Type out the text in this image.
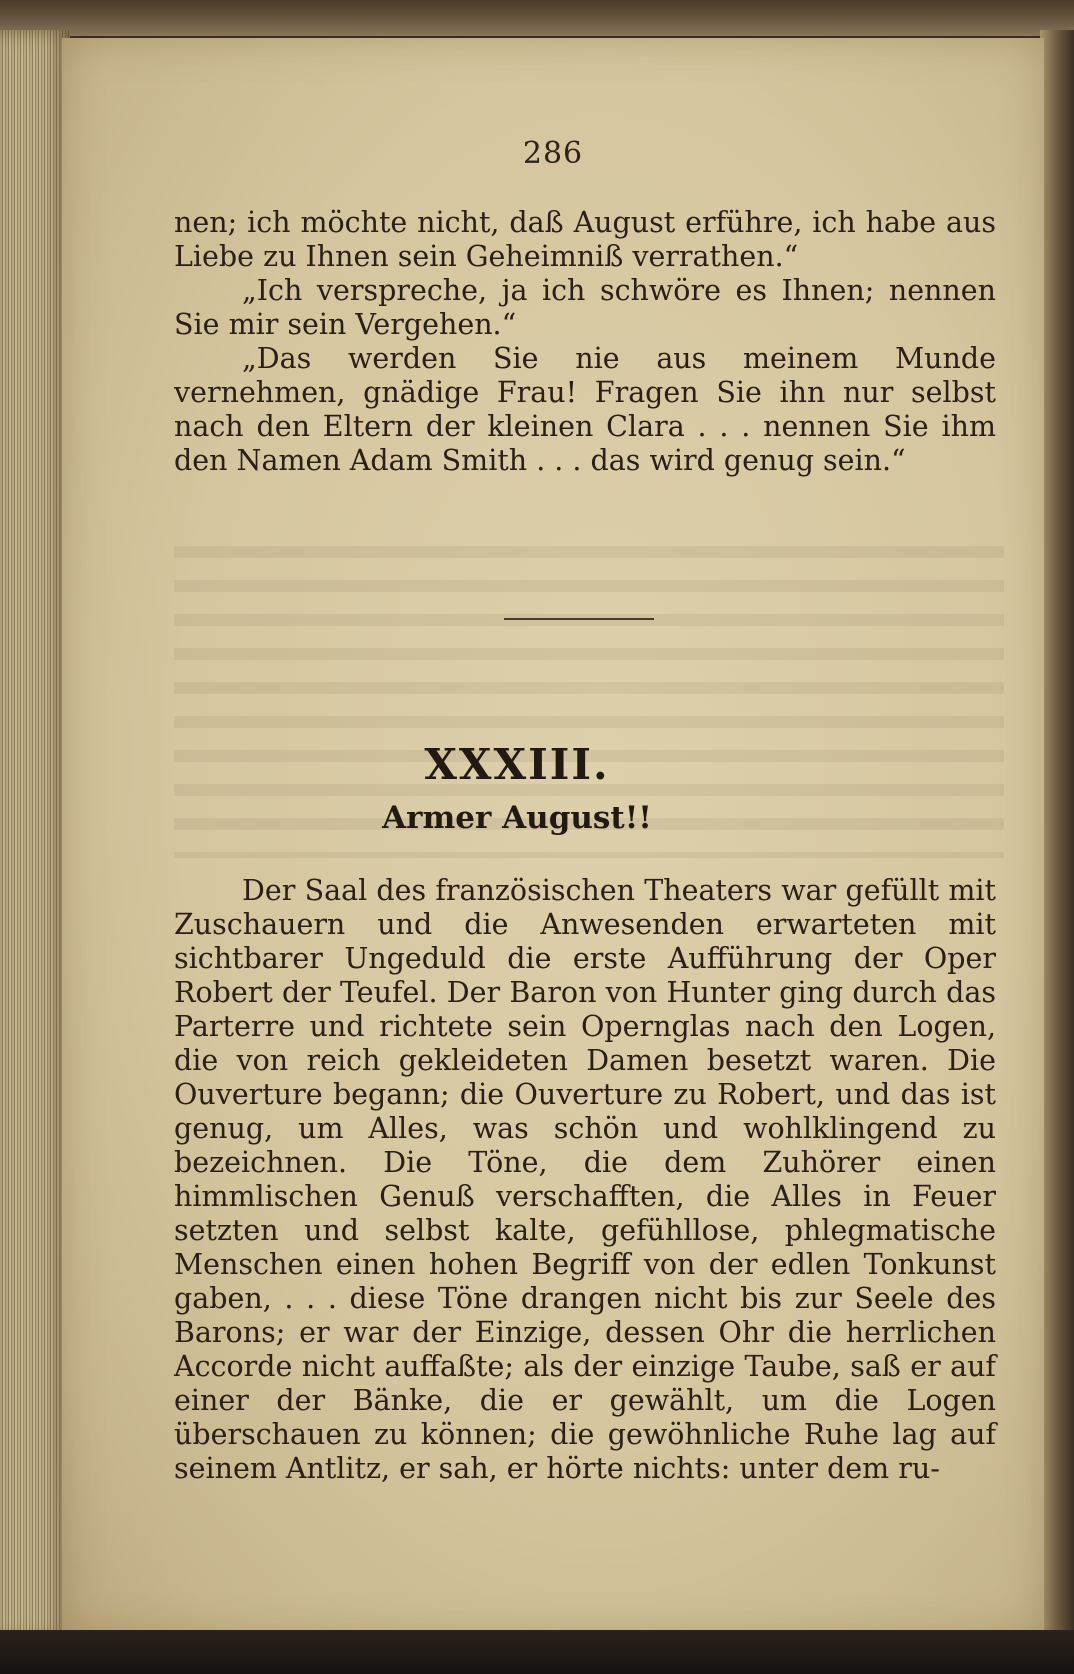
286

nen; ich möchte nicht, daß August erführe, ich habe aus Liebe zu Ihnen sein Geheimniß verrathen.“

„Ich verspreche, ja ich schwöre es Ihnen; nennen Sie mir sein Vergehen.“

„Das werden Sie nie aus meinem Munde vernehmen, gnädige Frau! Fragen Sie ihn nur selbst nach den Eltern der kleinen Clara . . . nennen Sie ihm den Namen Adam Smith . . . das wird genug sein.“

XXXIII.
Armer August!!

Der Saal des französischen Theaters war gefüllt mit Zuschauern und die Anwesenden erwarteten mit sichtbarer Ungeduld die erste Aufführung der Oper Robert der Teufel. Der Baron von Hunter ging durch das Parterre und richtete sein Opernglas nach den Logen, die von reich gekleideten Damen besetzt waren. Die Ouverture begann; die Ouverture zu Robert, und das ist genug, um Alles, was schön und wohlklingend zu bezeichnen. Die Töne, die dem Zuhörer einen himmlischen Genuß verschafften, die Alles in Feuer setzten und selbst kalte, gefühllose, phlegmatische Menschen einen hohen Begriff von der edlen Tonkunst gaben, . . . diese Töne drangen nicht bis zur Seele des Barons; er war der Einzige, dessen Ohr die herrlichen Accorde nicht auffaßte; als der einzige Taube, saß er auf einer der Bänke, die er gewählt, um die Logen überschauen zu können; die gewöhnliche Ruhe lag auf seinem Antlitz, er sah, er hörte nichts: unter dem ru-
